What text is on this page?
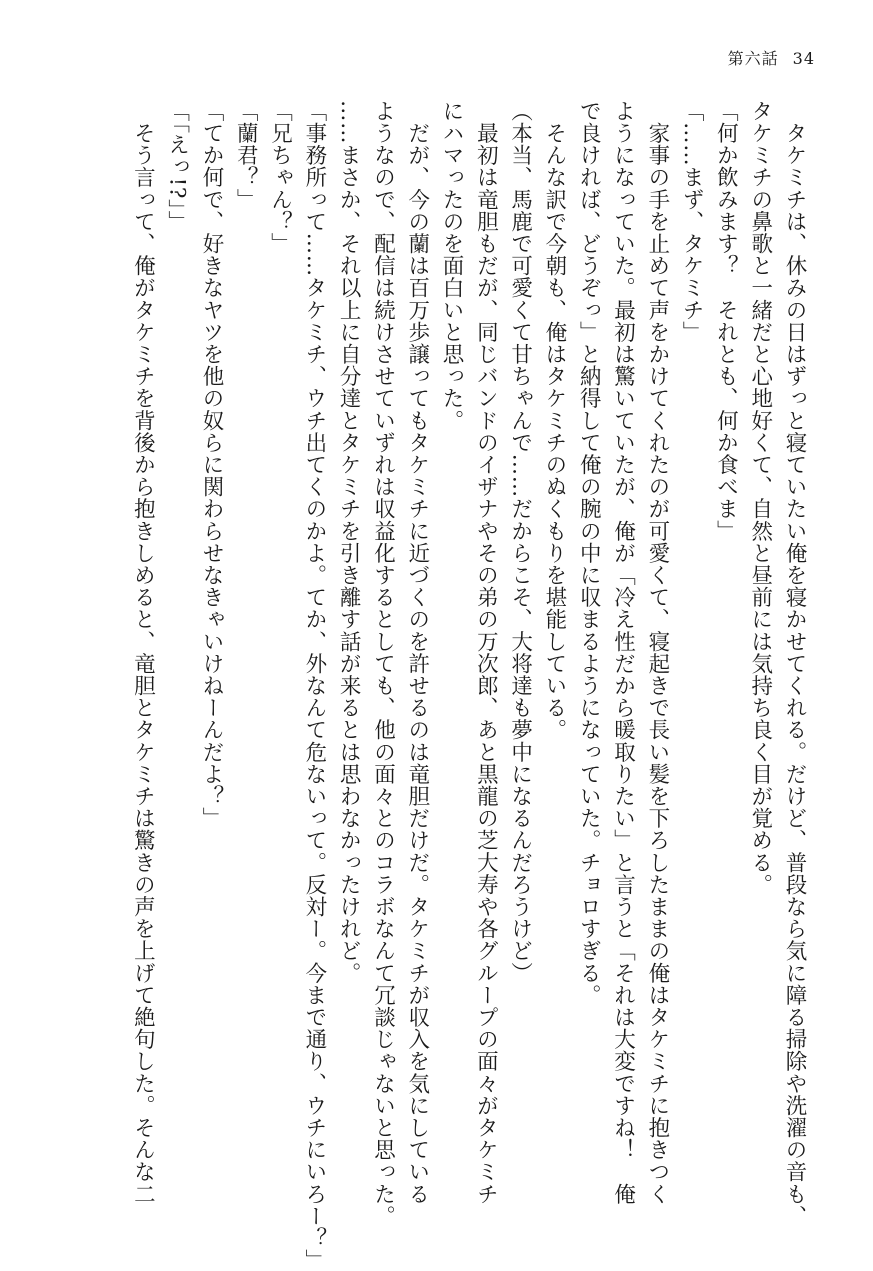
第六話 34

　タケミチは、休みの日はずっと寝ていたい俺を寝かせてくれる。だけど、普段なら気に障る掃除や洗濯の音も、

タケミチの鼻歌と一緒だと心地好くて、自然と昼前には気持ち良く目が覚める。

「何か飲みます？　それとも、何か食べま」

「……まず、タケミチ」

　家事の手を止めて声をかけてくれたのが可愛くて、寝起きで長い髪を下ろしたままの俺はタケミチに抱きつく

ようになっていた。最初は驚いていたが、俺が「冷え性だから暖取りたい」と言うと「それは大変ですね！　俺

で良ければ、どうぞっ」と納得して俺の腕の中に収まるようになっていた。チョロすぎる。

　そんな訳で今朝も、俺はタケミチのぬくもりを堪能している。

（本当、馬鹿で可愛くて甘ちゃんで……だからこそ、大将達も夢中になるんだろうけど）

　最初は竜胆もだが、同じバンドのイザナやその弟の万次郎、あと黒龍の芝大寿や各グループの面々がタケミチ

にハマったのを面白いと思った。

　だが、今の蘭は百万歩譲ってもタケミチに近づくのを許せるのは竜胆だけだ。タケミチが収入を気にしている

ようなので、配信は続けさせていずれは収益化するとしても、他の面々とのコラボなんて冗談じゃないと思った。

……まさか、それ以上に自分達とタケミチを引き離す話が来るとは思わなかったけれど。

「事務所って……タケミチ、ウチ出てくのかよ。てか、外なんて危ないって。反対ー。今まで通り、ウチにいろー？」

「兄ちゃん？」

「蘭君？」

「てか何で、好きなヤツを他の奴らに関わらせなきゃいけねーんだよ？」

「「えっ!?」」

　そう言って、俺がタケミチを背後から抱きしめると、竜胆とタケミチは驚きの声を上げて絶句した。そんな二
